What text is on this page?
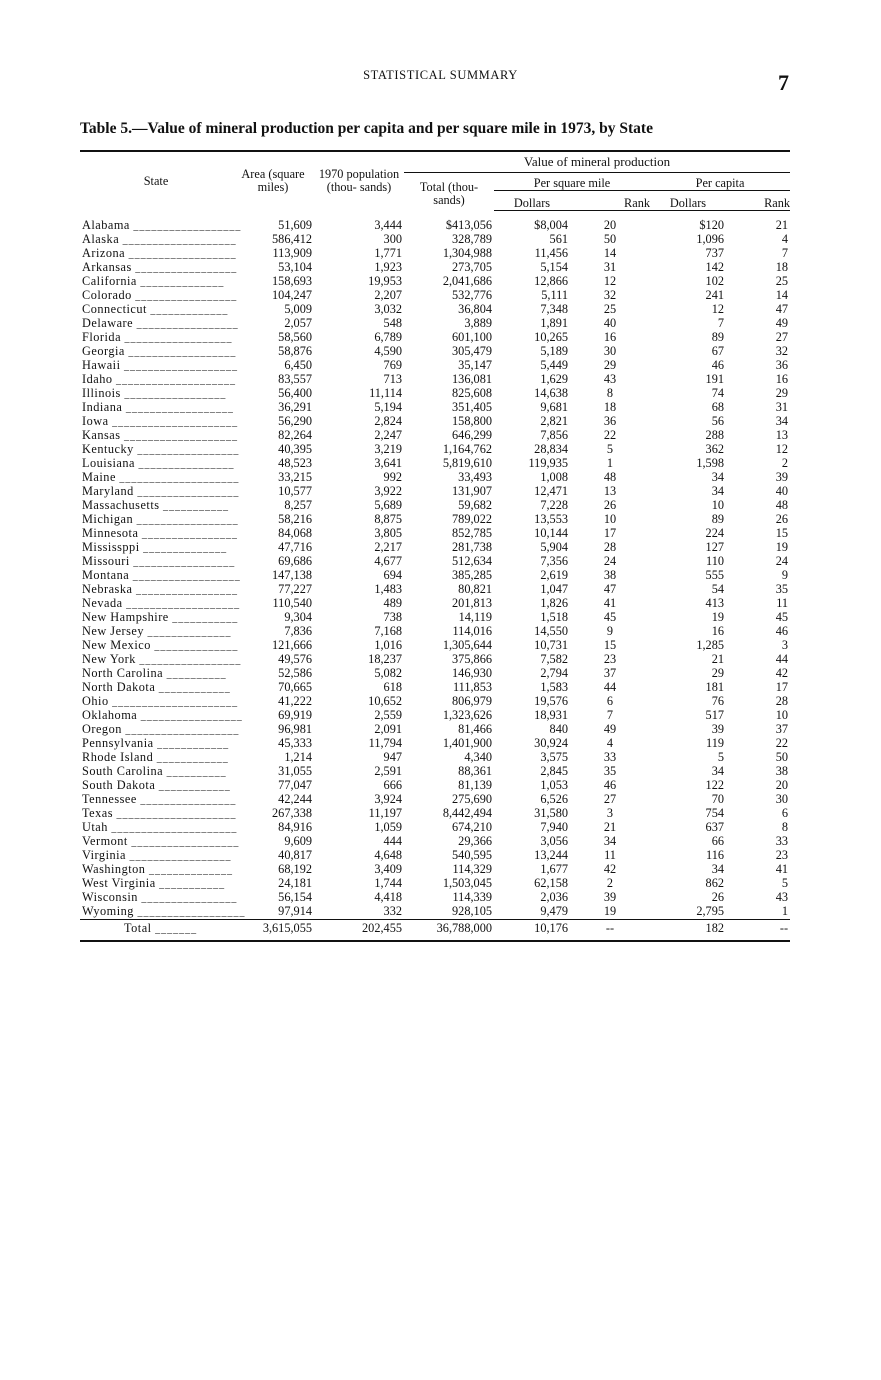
STATISTICAL SUMMARY	7
Table 5.—Value of mineral production per capita and per square mile in 1973, by State
State	Area (square miles)	1970 population (thou- sands)	Value of mineral production				
			Total (thou- sands)	Per square mile		Per capita	
				Dollars	Rank	Dollars	Rank
Alabama __________________	51,609	3,444	$413,056	$8,004	20	$120	21
Alaska ___________________	586,412	300	328,789	561	50	1,096	4
Arizona __________________	113,909	1,771	1,304,988	11,456	14	737	7
Arkansas _________________	53,104	1,923	273,705	5,154	31	142	18
California ______________	158,693	19,953	2,041,686	12,866	12	102	25
Colorado _________________	104,247	2,207	532,776	5,111	32	241	14
Connecticut _____________	5,009	3,032	36,804	7,348	25	12	47
Delaware _________________	2,057	548	3,889	1,891	40	7	49
Florida __________________	58,560	6,789	601,100	10,265	16	89	27
Georgia __________________	58,876	4,590	305,479	5,189	30	67	32
Hawaii ___________________	6,450	769	35,147	5,449	29	46	36
Idaho ____________________	83,557	713	136,081	1,629	43	191	16
Illinois _________________	56,400	11,114	825,608	14,638	8	74	29
Indiana __________________	36,291	5,194	351,405	9,681	18	68	31
Iowa _____________________	56,290	2,824	158,800	2,821	36	56	34
Kansas ___________________	82,264	2,247	646,299	7,856	22	288	13
Kentucky _________________	40,395	3,219	1,164,762	28,834	5	362	12
Louisiana ________________	48,523	3,641	5,819,610	119,935	1	1,598	2
Maine ____________________	33,215	992	33,493	1,008	48	34	39
Maryland _________________	10,577	3,922	131,907	12,471	13	34	40
Massachusetts ___________	8,257	5,689	59,682	7,228	26	10	48
Michigan _________________	58,216	8,875	789,022	13,553	10	89	26
Minnesota ________________	84,068	3,805	852,785	10,144	17	224	15
Mississppi ______________	47,716	2,217	281,738	5,904	28	127	19
Missouri _________________	69,686	4,677	512,634	7,356	24	110	24
Montana __________________	147,138	694	385,285	2,619	38	555	9
Nebraska _________________	77,227	1,483	80,821	1,047	47	54	35
Nevada ___________________	110,540	489	201,813	1,826	41	413	11
New Hampshire ___________	9,304	738	14,119	1,518	45	19	45
New Jersey ______________	7,836	7,168	114,016	14,550	9	16	46
New Mexico ______________	121,666	1,016	1,305,644	10,731	15	1,285	3
New York _________________	49,576	18,237	375,866	7,582	23	21	44
North Carolina __________	52,586	5,082	146,930	2,794	37	29	42
North Dakota ____________	70,665	618	111,853	1,583	44	181	17
Ohio _____________________	41,222	10,652	806,979	19,576	6	76	28
Oklahoma _________________	69,919	2,559	1,323,626	18,931	7	517	10
Oregon ___________________	96,981	2,091	81,466	840	49	39	37
Pennsylvania ____________	45,333	11,794	1,401,900	30,924	4	119	22
Rhode Island ____________	1,214	947	4,340	3,575	33	5	50
South Carolina __________	31,055	2,591	88,361	2,845	35	34	38
South Dakota ____________	77,047	666	81,139	1,053	46	122	20
Tennessee ________________	42,244	3,924	275,690	6,526	27	70	30
Texas ____________________	267,338	11,197	8,442,494	31,580	3	754	6
Utah _____________________	84,916	1,059	674,210	7,940	21	637	8
Vermont __________________	9,609	444	29,366	3,056	34	66	33
Virginia _________________	40,817	4,648	540,595	13,244	11	116	23
Washington ______________	68,192	3,409	114,329	1,677	42	34	41
West Virginia ___________	24,181	1,744	1,503,045	62,158	2	862	5
Wisconsin ________________	56,154	4,418	114,339	2,036	39	26	43
Wyoming __________________	97,914	332	928,105	9,479	19	2,795	1
Total _______	3,615,055	202,455	36,788,000	10,176	--	182	--
